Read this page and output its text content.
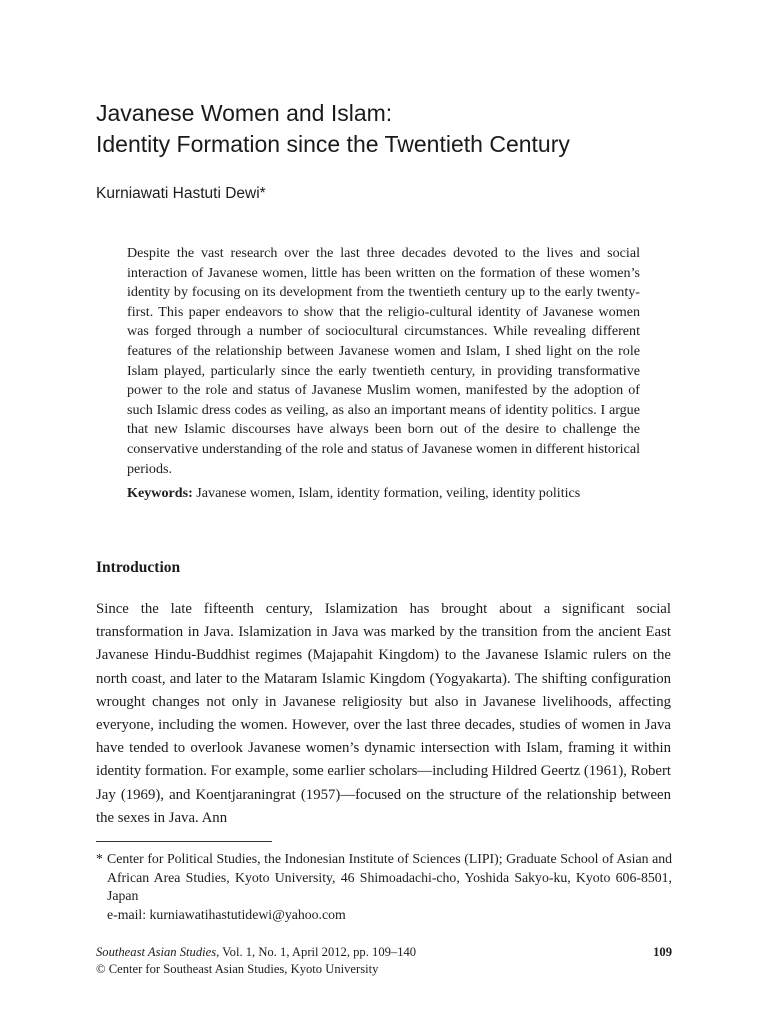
Javanese Women and Islam:
Identity Formation since the Twentieth Century
Kurniawati Hastuti Dewi*

Despite the vast research over the last three decades devoted to the lives and social interaction of Javanese women, little has been written on the formation of these women’s identity by focusing on its development from the twentieth century up to the early twenty-first. This paper endeavors to show that the religio-cultural identity of Javanese women was forged through a number of sociocultural circumstances. While revealing different features of the relationship between Javanese women and Islam, I shed light on the role Islam played, particularly since the early twentieth century, in providing transformative power to the role and status of Javanese Muslim women, manifested by the adoption of such Islamic dress codes as veiling, as also an important means of identity politics. I argue that new Islamic discourses have always been born out of the desire to challenge the conservative understanding of the role and status of Javanese women in different historical periods.

Keywords: Javanese women, Islam, identity formation, veiling, identity politics
Introduction

Since the late fifteenth century, Islamization has brought about a significant social transformation in Java. Islamization in Java was marked by the transition from the ancient East Javanese Hindu-Buddhist regimes (Majapahit Kingdom) to the Javanese Islamic rulers on the north coast, and later to the Mataram Islamic Kingdom (Yogyakarta). The shifting configuration wrought changes not only in Javanese religiosity but also in Javanese livelihoods, affecting everyone, including the women. However, over the last three decades, studies of women in Java have tended to overlook Javanese women’s dynamic intersection with Islam, framing it within identity formation. For example, some earlier scholars—including Hildred Geertz (1961), Robert Jay (1969), and Koentjaraningrat (1957)—focused on the structure of the relationship between the sexes in Java. Ann

* Center for Political Studies, the Indonesian Institute of Sciences (LIPI); Graduate School of Asian and African Area Studies, Kyoto University, 46 Shimoadachi-cho, Yoshida Sakyo-ku, Kyoto 606-8501, Japan
e-mail: kurniawatihastutidewi@yahoo.com
Southeast Asian Studies, Vol. 1, No. 1, April 2012, pp. 109–140	109
© Center for Southeast Asian Studies, Kyoto University
